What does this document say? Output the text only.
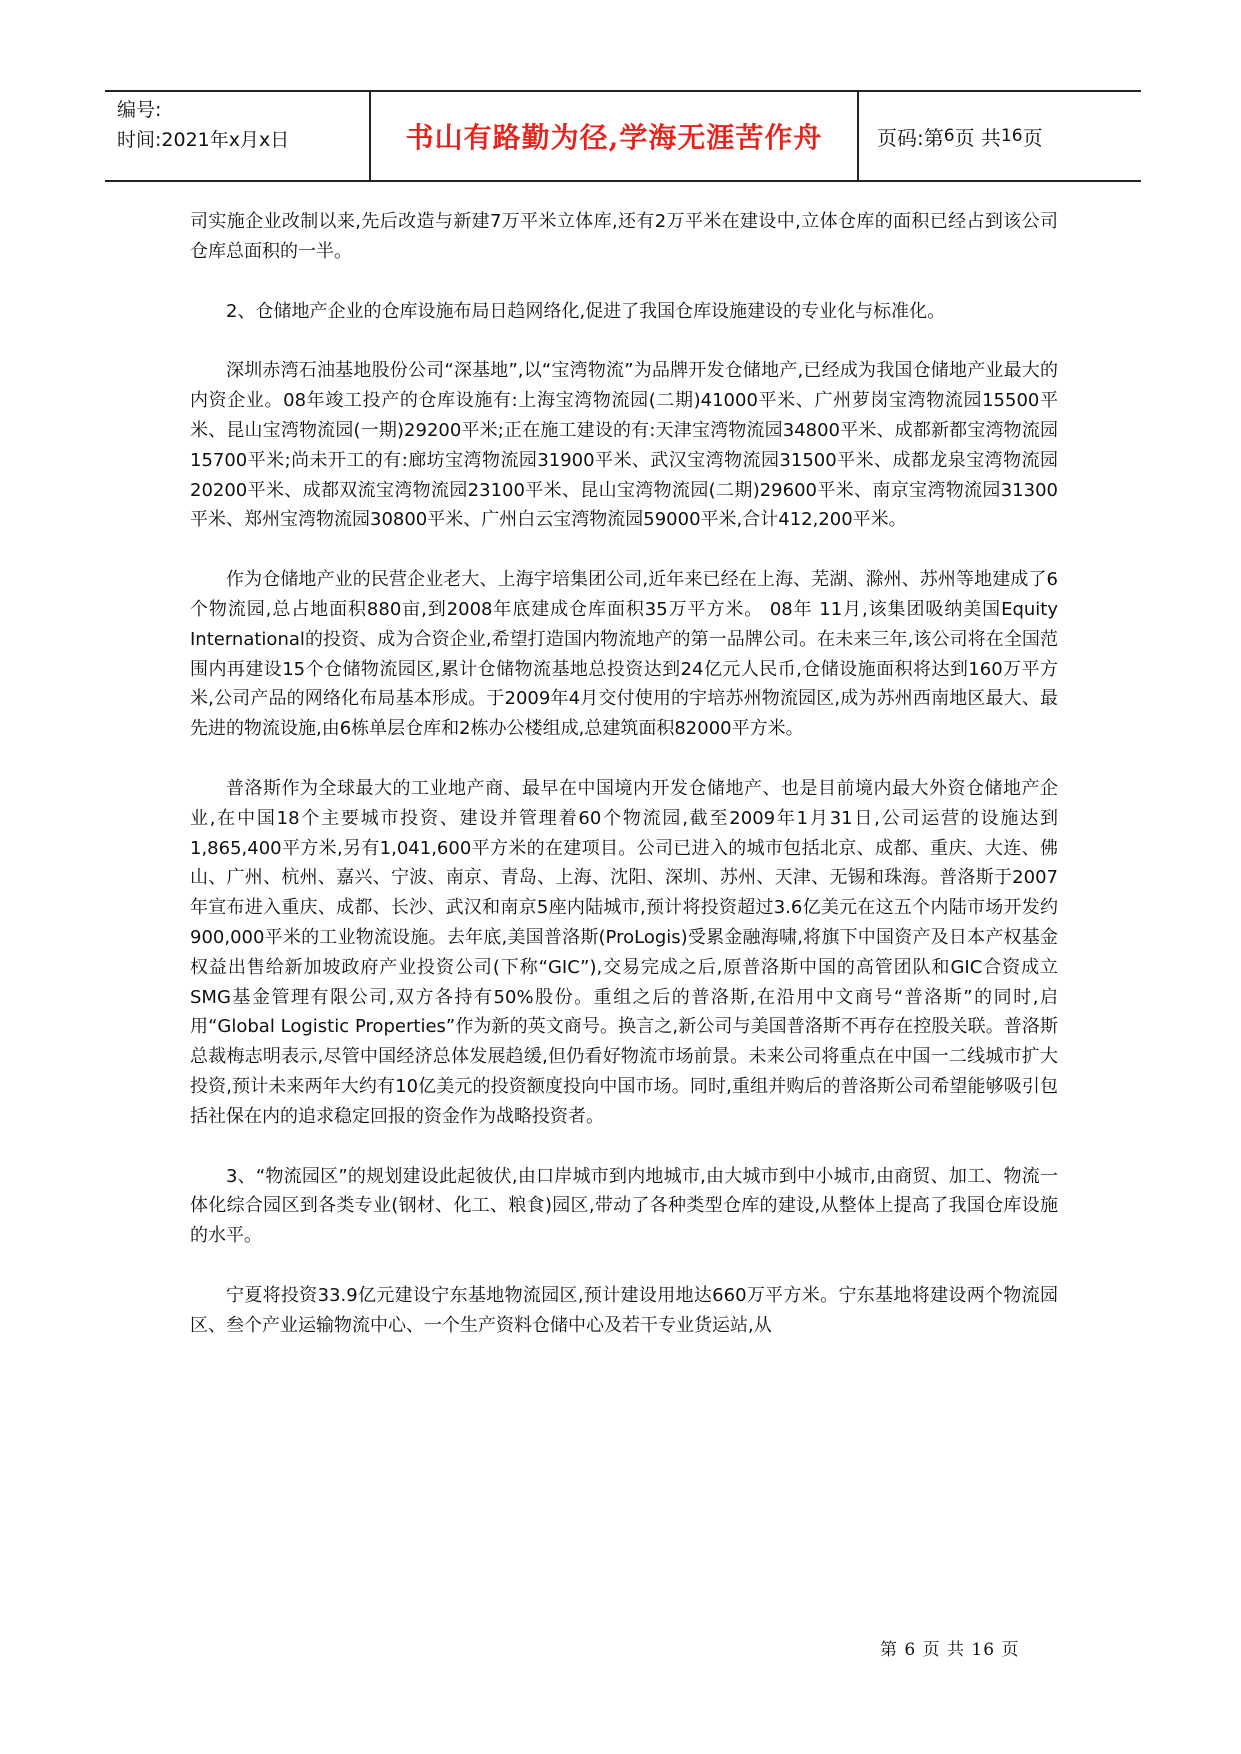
编号:
时间:2021年x月x日	书山有路勤为径,学海无涯苦作舟	页码:第 6 页 共 16 页

司实施企业改制以来,先后改造与新建7万平米立体库,还有2万平米在建设中,立体仓库的面积已经占到该公司仓库总面积的一半。

2、仓储地产企业的仓库设施布局日趋网络化,促进了我国仓库设施建设的专业化与标准化。

深圳赤湾石油基地股份公司“深基地”,以“宝湾物流”为品牌开发仓储地产,已经成为我国仓储地产业最大的内资企业。08年竣工投产的仓库设施有:上海宝湾物流园(二期)41000平米、广州萝岗宝湾物流园15500平米、昆山宝湾物流园(一期)29200平米;正在施工建设的有:天津宝湾物流园34800平米、成都新都宝湾物流园15700平米;尚未开工的有:廊坊宝湾物流园31900平米、武汉宝湾物流园31500平米、成都龙泉宝湾物流园20200平米、成都双流宝湾物流园23100平米、昆山宝湾物流园(二期)29600平米、南京宝湾物流园31300平米、郑州宝湾物流园30800平米、广州白云宝湾物流园59000平米,合计412,200平米。

作为仓储地产业的民营企业老大、上海宇培集团公司,近年来已经在上海、芜湖、滁州、苏州等地建成了6个物流园,总占地面积880亩,到2008年底建成仓库面积35万平方米。 08年 11月,该集团吸纳美国Equity International的投资、成为合资企业,希望打造国内物流地产的第一品牌公司。在未来三年,该公司将在全国范围内再建设15个仓储物流园区,累计仓储物流基地总投资达到24亿元人民币,仓储设施面积将达到160万平方米,公司产品的网络化布局基本形成。于2009年4月交付使用的宇培苏州物流园区,成为苏州西南地区最大、最先进的物流设施,由6栋单层仓库和2栋办公楼组成,总建筑面积82000平方米。

普洛斯作为全球最大的工业地产商、最早在中国境内开发仓储地产、也是目前境内最大外资仓储地产企业,在中国18个主要城市投资、建设并管理着60个物流园,截至2009年1月31日,公司运营的设施达到1,865,400平方米,另有1,041,600平方米的在建项目。公司已进入的城市包括北京、成都、重庆、大连、佛山、广州、杭州、嘉兴、宁波、南京、青岛、上海、沈阳、深圳、苏州、天津、无锡和珠海。普洛斯于2007年宣布进入重庆、成都、长沙、武汉和南京5座内陆城市,预计将投资超过3.6亿美元在这五个内陆市场开发约900,000平米的工业物流设施。去年底,美国普洛斯(ProLogis)受累金融海啸,将旗下中国资产及日本产权基金权益出售给新加坡政府产业投资公司(下称“GIC”),交易完成之后,原普洛斯中国的高管团队和GIC合资成立SMG基金管理有限公司,双方各持有50%股份。重组之后的普洛斯,在沿用中文商号“普洛斯”的同时,启用“Global Logistic Properties”作为新的英文商号。换言之,新公司与美国普洛斯不再存在控股关联。普洛斯总裁梅志明表示,尽管中国经济总体发展趋缓,但仍看好物流市场前景。未来公司将重点在中国一二线城市扩大投资,预计未来两年大约有10亿美元的投资额度投向中国市场。同时,重组并购后的普洛斯公司希望能够吸引包括社保在内的追求稳定回报的资金作为战略投资者。

3、“物流园区”的规划建设此起彼伏,由口岸城市到内地城市,由大城市到中小城市,由商贸、加工、物流一体化综合园区到各类专业(钢材、化工、粮食)园区,带动了各种类型仓库的建设,从整体上提高了我国仓库设施的水平。

宁夏将投资33.9亿元建设宁东基地物流园区,预计建设用地达660万平方米。宁东基地将建设两个物流园区、叁个产业运输物流中心、一个生产资料仓储中心及若干专业货运站,从

第 6 页 共 16 页
